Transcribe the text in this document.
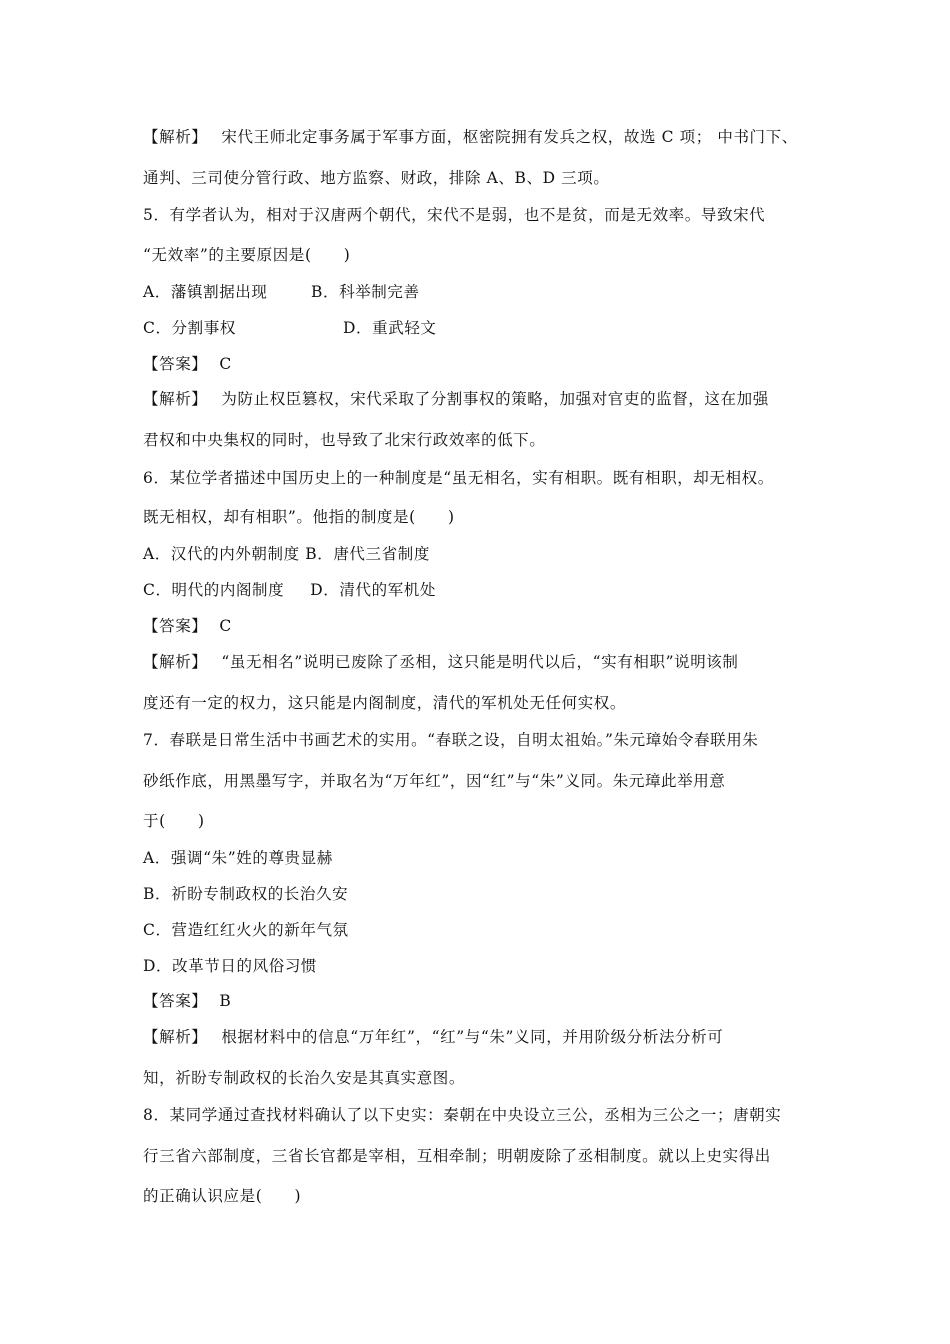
【解析】 宋代王师北定事务属于军事方面，枢密院拥有发兵之权，故选 C 项； 中书门下、
通判、三司使分管行政、地方监察、财政，排除 A、B、D 三项。
5．有学者认为，相对于汉唐两个朝代，宋代不是弱，也不是贫，而是无效率。导致宋代
“无效率”的主要原因是(　　)
A．藩镇割据出现	B．科举制完善
C．分割事权	D．重武轻文
【答案】 C
【解析】 为防止权臣篡权，宋代采取了分割事权的策略，加强对官吏的监督，这在加强
君权和中央集权的同时，也导致了北宋行政效率的低下。
6．某位学者描述中国历史上的一种制度是“虽无相名，实有相职。既有相职，却无相权。
既无相权，却有相职”。他指的制度是(　　)
A．汉代的内外朝制度 B．唐代三省制度
C．明代的内阁制度 D．清代的军机处
【答案】 C
【解析】 “虽无相名”说明已废除了丞相，这只能是明代以后，“实有相职”说明该制
度还有一定的权力，这只能是内阁制度，清代的军机处无任何实权。
7．春联是日常生活中书画艺术的实用。“春联之设，自明太祖始。”朱元璋始令春联用朱
砂纸作底，用黑墨写字，并取名为“万年红”，因“红”与“朱”义同。朱元璋此举用意
于(　　)
A．强调“朱”姓的尊贵显赫
B．祈盼专制政权的长治久安
C．营造红红火火的新年气氛
D．改革节日的风俗习惯
【答案】 B
【解析】 根据材料中的信息“万年红”，“红”与“朱”义同，并用阶级分析法分析可
知，祈盼专制政权的长治久安是其真实意图。
8．某同学通过查找材料确认了以下史实：秦朝在中央设立三公，丞相为三公之一；唐朝实
行三省六部制度，三省长官都是宰相，互相牵制；明朝废除了丞相制度。就以上史实得出
的正确认识应是(　　)
